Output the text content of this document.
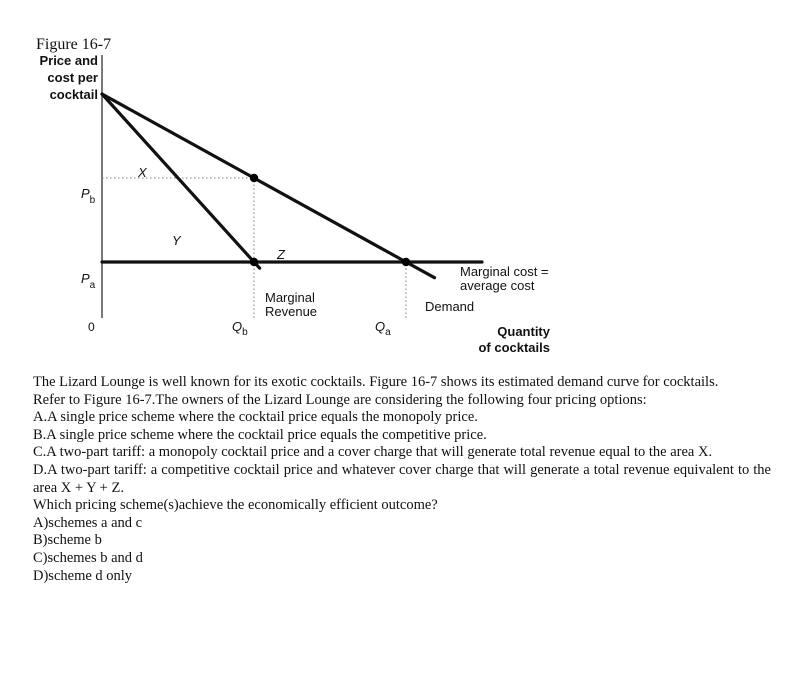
Figure 16-7
Price and
cost per
cocktail
$P_b$
$P_a$
0	$Q_b$	$Q_a$	Quantity
of cocktails
Marginal cost =
average cost
Marginal
Revenue	Demand
X
Y
Z

The Lizard Lounge is well known for its exotic cocktails. Figure 16-7 shows its estimated demand curve for cocktails.

Refer to Figure 16-7.The owners of the Lizard Lounge are considering the following four pricing options:

A.A single price scheme where the cocktail price equals the monopoly price.

B.A single price scheme where the cocktail price equals the competitive price.

C.A two-part tariff: a monopoly cocktail price and a cover charge that will generate total revenue equal to the area X.

D.A two-part tariff: a competitive cocktail price and whatever cover charge that will generate a total revenue equivalent to the area X + Y + Z.

Which pricing scheme(s)achieve the economically efficient outcome?

A)schemes a and c

B)scheme b

C)schemes b and d

D)scheme d only
